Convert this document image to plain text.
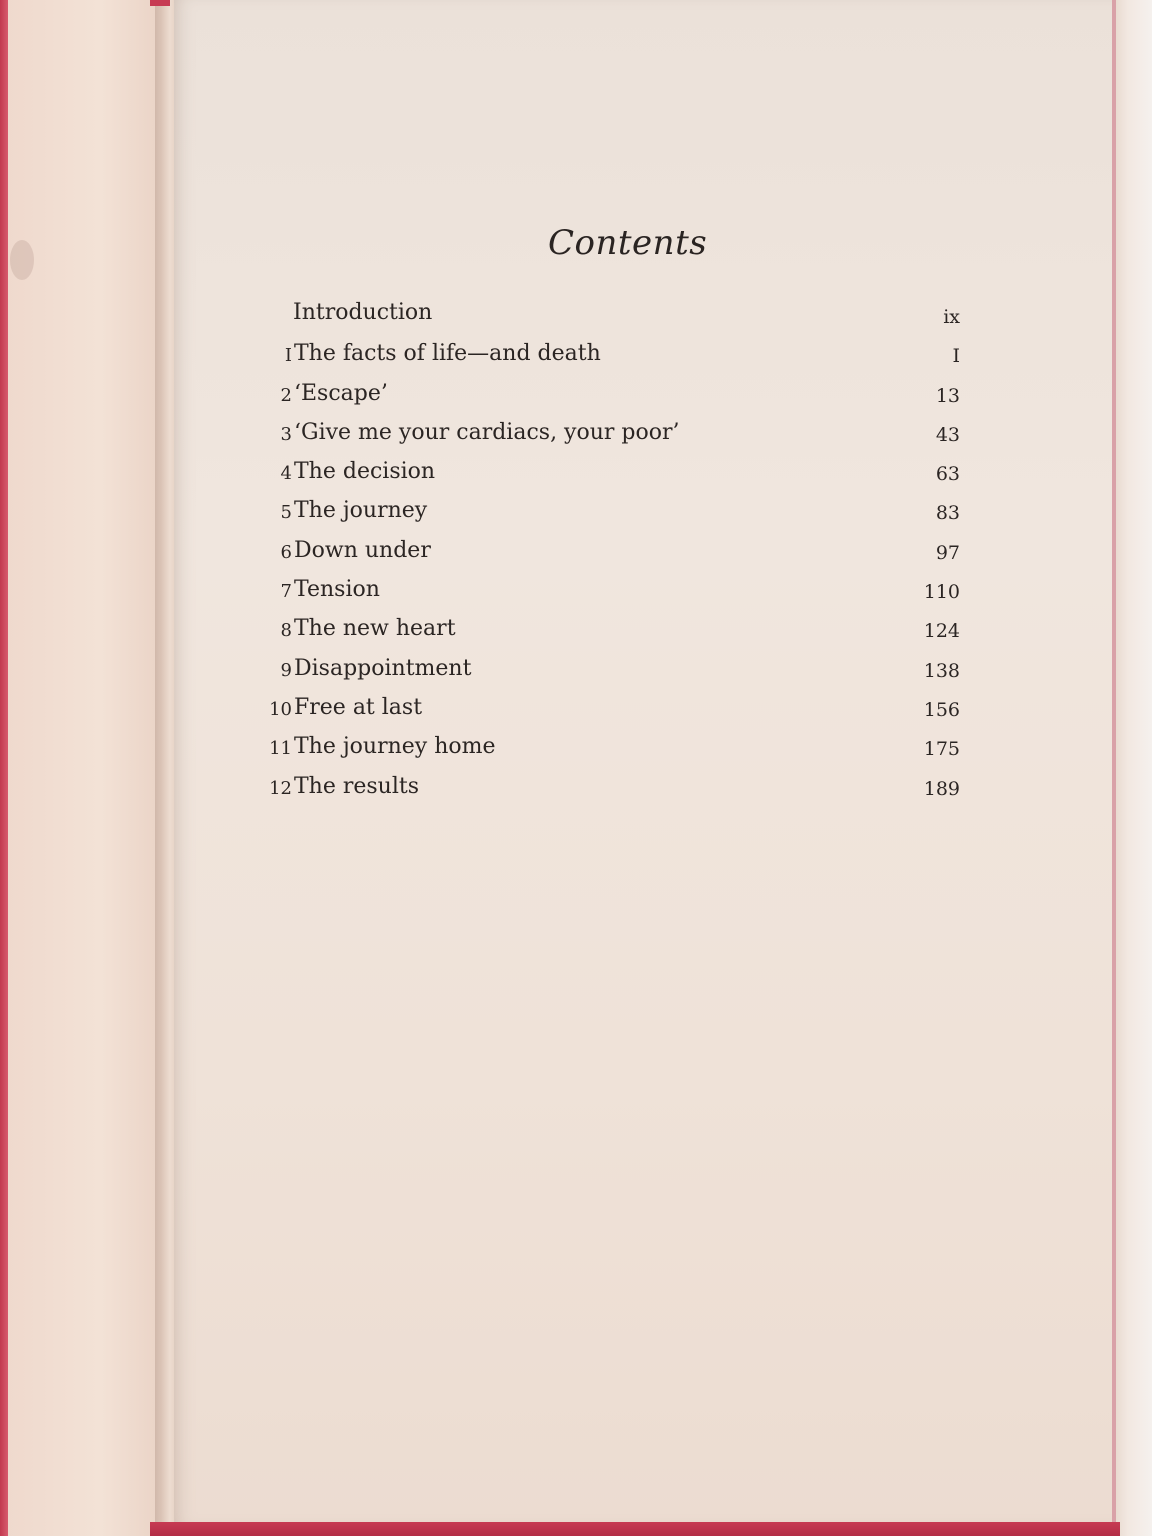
Contents
Introduction	ix
I The facts of life—and death	I
2 ‘Escape’	13
3 ‘Give me your cardiacs, your poor’	43
4 The decision	63
5 The journey	83
6 Down under	97
7 Tension	110
8 The new heart	124
9 Disappointment	138
10 Free at last	156
11 The journey home	175
12 The results	189
